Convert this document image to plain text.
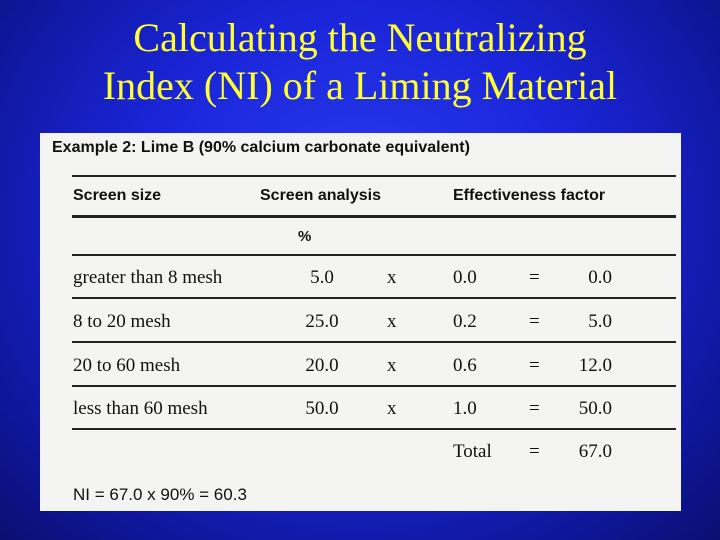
Calculating the Neutralizing
Index (NI) of a Liming Material
Example 2: Lime B (90% calcium carbonate equivalent)
Screen size	Screen analysis	Effectiveness factor
%
greater than 8 mesh	5.0	x	0.0	=	0.0
8 to 20 mesh	25.0	x	0.2	=	5.0
20 to 60 mesh	20.0	x	0.6	=	12.0
less than 60 mesh	50.0	x	1.0	=	50.0
Total =	67.0
NI = 67.0 x 90% = 60.3
